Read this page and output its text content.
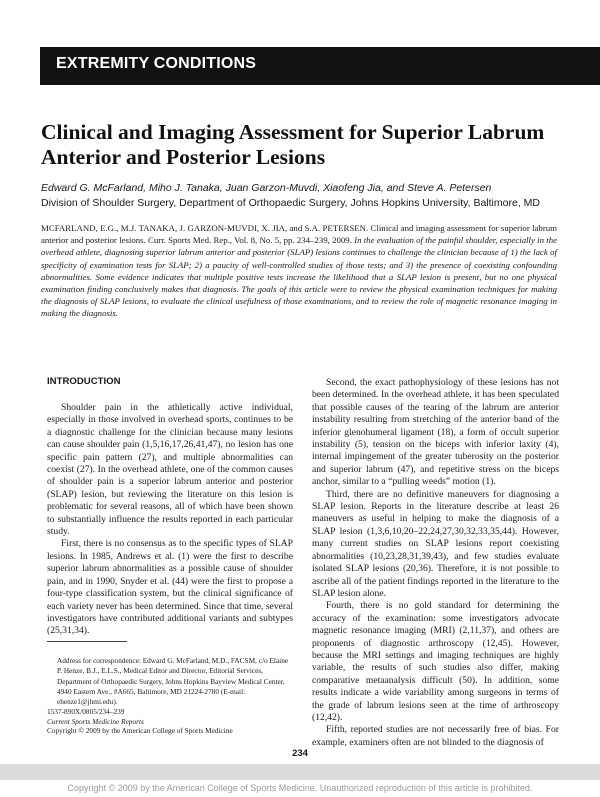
EXTREMITY CONDITIONS
Clinical and Imaging Assessment for Superior Labrum Anterior and Posterior Lesions
Edward G. McFarland, Miho J. Tanaka, Juan Garzon-Muvdi, Xiaofeng Jia, and Steve A. Petersen
Division of Shoulder Surgery, Department of Orthopaedic Surgery, Johns Hopkins University, Baltimore, MD
MCFARLAND, E.G., M.J. TANAKA, J. GARZON-MUVDI, X. JIA, and S.A. PETERSEN. Clinical and imaging assessment for superior labrum anterior and posterior lesions. Curr. Sports Med. Rep., Vol. 8, No. 5, pp. 234–239, 2009. In the evaluation of the painful shoulder, especially in the overhead athlete, diagnosing superior labrum anterior and posterior (SLAP) lesions continues to challenge the clinician because of 1) the lack of specificity of examination tests for SLAP; 2) a paucity of well-controlled studies of those tests; and 3) the presence of coexisting confounding abnormalities. Some evidence indicates that multiple positive tests increase the likelihood that a SLAP lesion is present, but no one physical examination finding conclusively makes that diagnosis. The goals of this article were to review the physical examination techniques for making the diagnosis of SLAP lesions, to evaluate the clinical usefulness of those examinations, and to review the role of magnetic resonance imaging in making the diagnosis.
INTRODUCTION

Shoulder pain in the athletically active individual, especially in those involved in overhead sports, continues to be a diagnostic challenge for the clinician because many lesions can cause shoulder pain (1,5,16,17,26,41,47), no lesion has one specific pain pattern (27), and multiple abnormalities can coexist (27). In the overhead athlete, one of the common causes of shoulder pain is a superior labrum anterior and posterior (SLAP) lesion, but reviewing the literature on this lesion is problematic for several reasons, all of which have been shown to substantially influence the results reported in each particular study.

First, there is no consensus as to the specific types of SLAP lesions. In 1985, Andrews et al. (1) were the first to describe superior labrum abnormalities as a possible cause of shoulder pain, and in 1990, Snyder et al. (44) were the first to propose a four-type classification system, but the clinical significance of each variety never has been determined. Since that time, several investigators have contributed additional variants and subtypes (25,31,34).

Second, the exact pathophysiology of these lesions has not been determined. In the overhead athlete, it has been speculated that possible causes of the tearing of the labrum are anterior instability resulting from stretching of the anterior band of the inferior glenohumeral ligament (18), a form of occult superior instability (5), tension on the biceps with inferior laxity (4), internal impingement of the greater tuberosity on the posterior and superior labrum (47), and repetitive stress on the biceps anchor, similar to a “pulling weeds” motion (1).

Third, there are no definitive maneuvers for diagnosing a SLAP lesion. Reports in the literature describe at least 26 maneuvers as useful in helping to make the diagnosis of a SLAP lesion (1,3,6,10,20–22,24,27,30,32,33,35,44). However, many current studies on SLAP lesions report coexisting abnormalities (10,23,28,31,39,43), and few studies evaluate isolated SLAP lesions (20,36). Therefore, it is not possible to ascribe all of the patient findings reported in the literature to the SLAP lesion alone.

Fourth, there is no gold standard for determining the accuracy of the examination: some investigators advocate magnetic resonance imaging (MRI) (2,11,37), and others are proponents of diagnostic arthroscopy (12,45). However, because the MRI settings and imaging techniques are highly variable, the results of such studies also differ, making comparative metaanalysis difficult (50). In addition, some results indicate a wide variability among surgeons in terms of the grade of labrum lesions seen at the time of arthroscopy (12,42).

Fifth, reported studies are not necessarily free of bias. For example, examiners often are not blinded to the diagnosis of

Address for correspondence: Edward G. McFarland, M.D., FACSM, c/o Elaine P. Henze, B.J., E.L.S., Medical Editor and Director, Editorial Services, Department of Orthopaedic Surgery, Johns Hopkins Bayview Medical Center, 4940 Eastern Ave., #A665, Baltimore, MD 21224-2780 (E-mail: ehenze1@jhmi.edu).
1537-890X/0805/234–239
Current Sports Medicine Reports
Copyright © 2009 by the American College of Sports Medicine
234
Copyright © 2009 by the American College of Sports Medicine. Unauthorized reproduction of this article is prohibited.
